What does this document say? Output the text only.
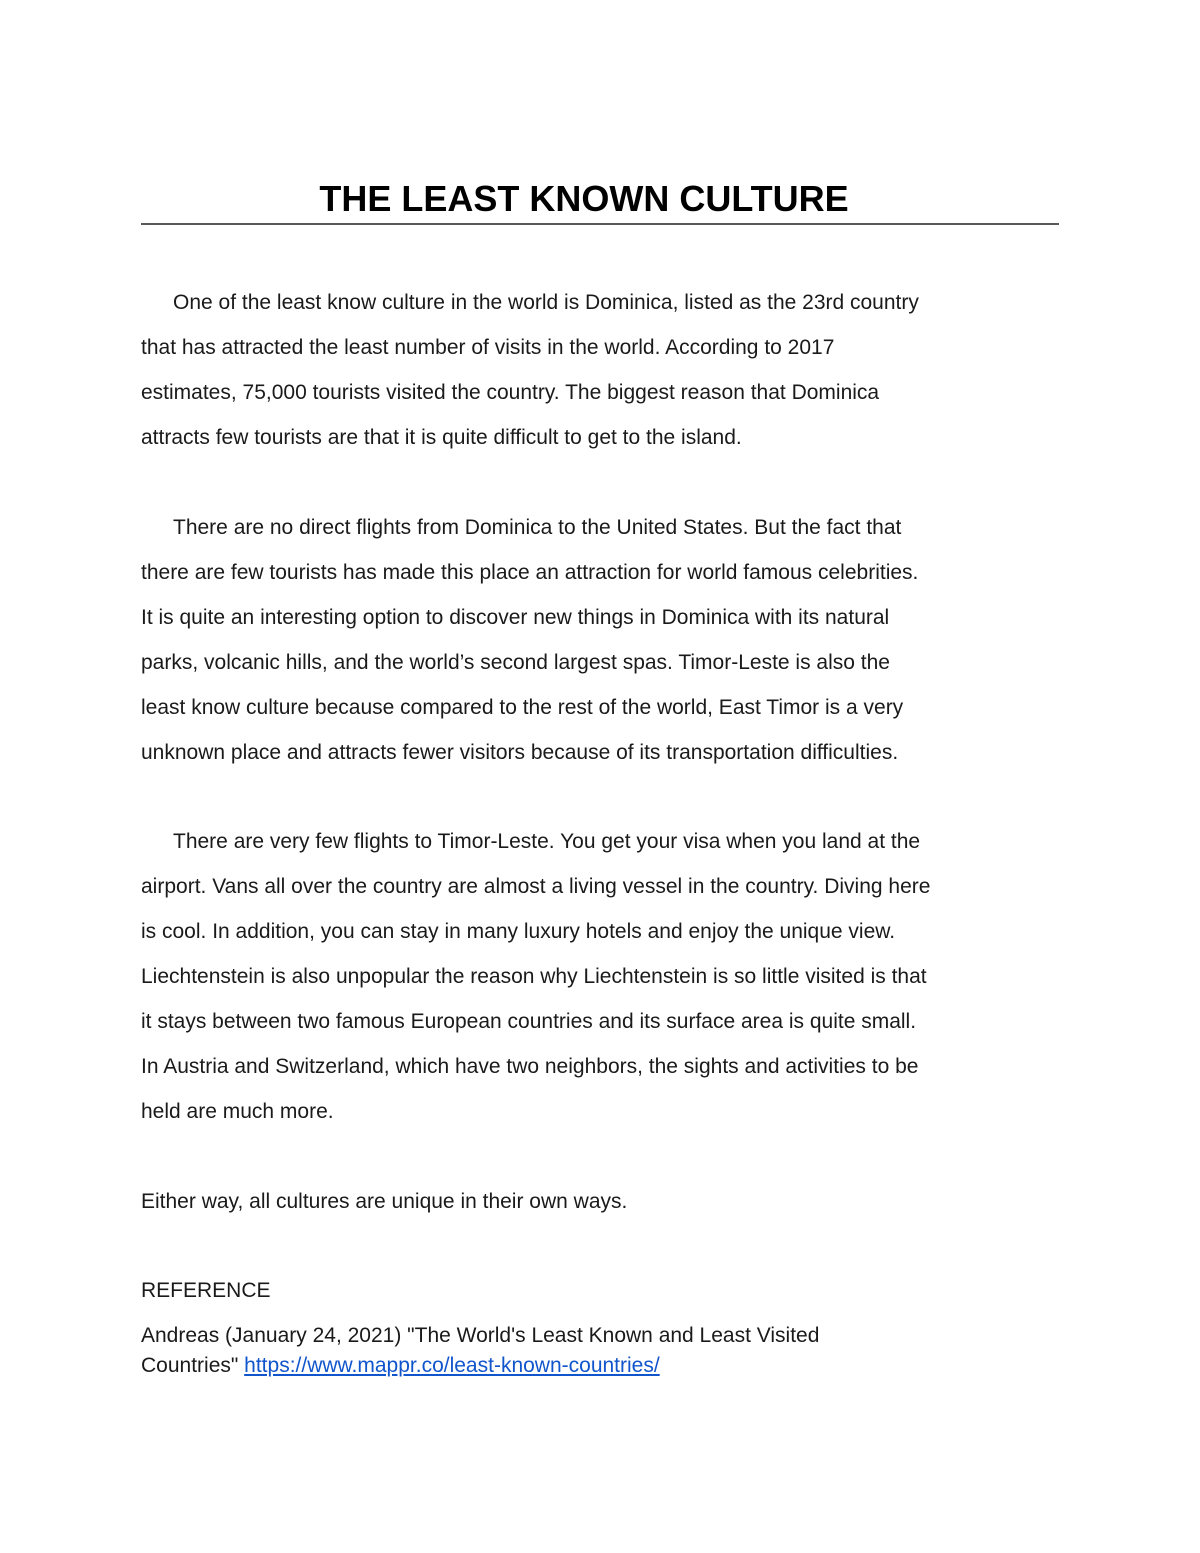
THE LEAST KNOWN CULTURE
One of the least know culture in the world is Dominica, listed as the 23rd country
that has attracted the least number of visits in the world. According to 2017
estimates, 75,000 tourists visited the country. The biggest reason that Dominica
attracts few tourists are that it is quite difficult to get to the island.
There are no direct flights from Dominica to the United States. But the fact that
there are few tourists has made this place an attraction for world famous celebrities.
It is quite an interesting option to discover new things in Dominica with its natural
parks, volcanic hills, and the world’s second largest spas. Timor-Leste is also the
least know culture because compared to the rest of the world, East Timor is a very
unknown place and attracts fewer visitors because of its transportation difficulties.
There are very few flights to Timor-Leste. You get your visa when you land at the
airport. Vans all over the country are almost a living vessel in the country. Diving here
is cool. In addition, you can stay in many luxury hotels and enjoy the unique view.
Liechtenstein is also unpopular the reason why Liechtenstein is so little visited is that
it stays between two famous European countries and its surface area is quite small.
In Austria and Switzerland, which have two neighbors, the sights and activities to be
held are much more.
Either way, all cultures are unique in their own ways.
REFERENCE
Andreas (January 24, 2021) "The World's Least Known and Least Visited
Countries" https://www.mappr.co/least-known-countries/
